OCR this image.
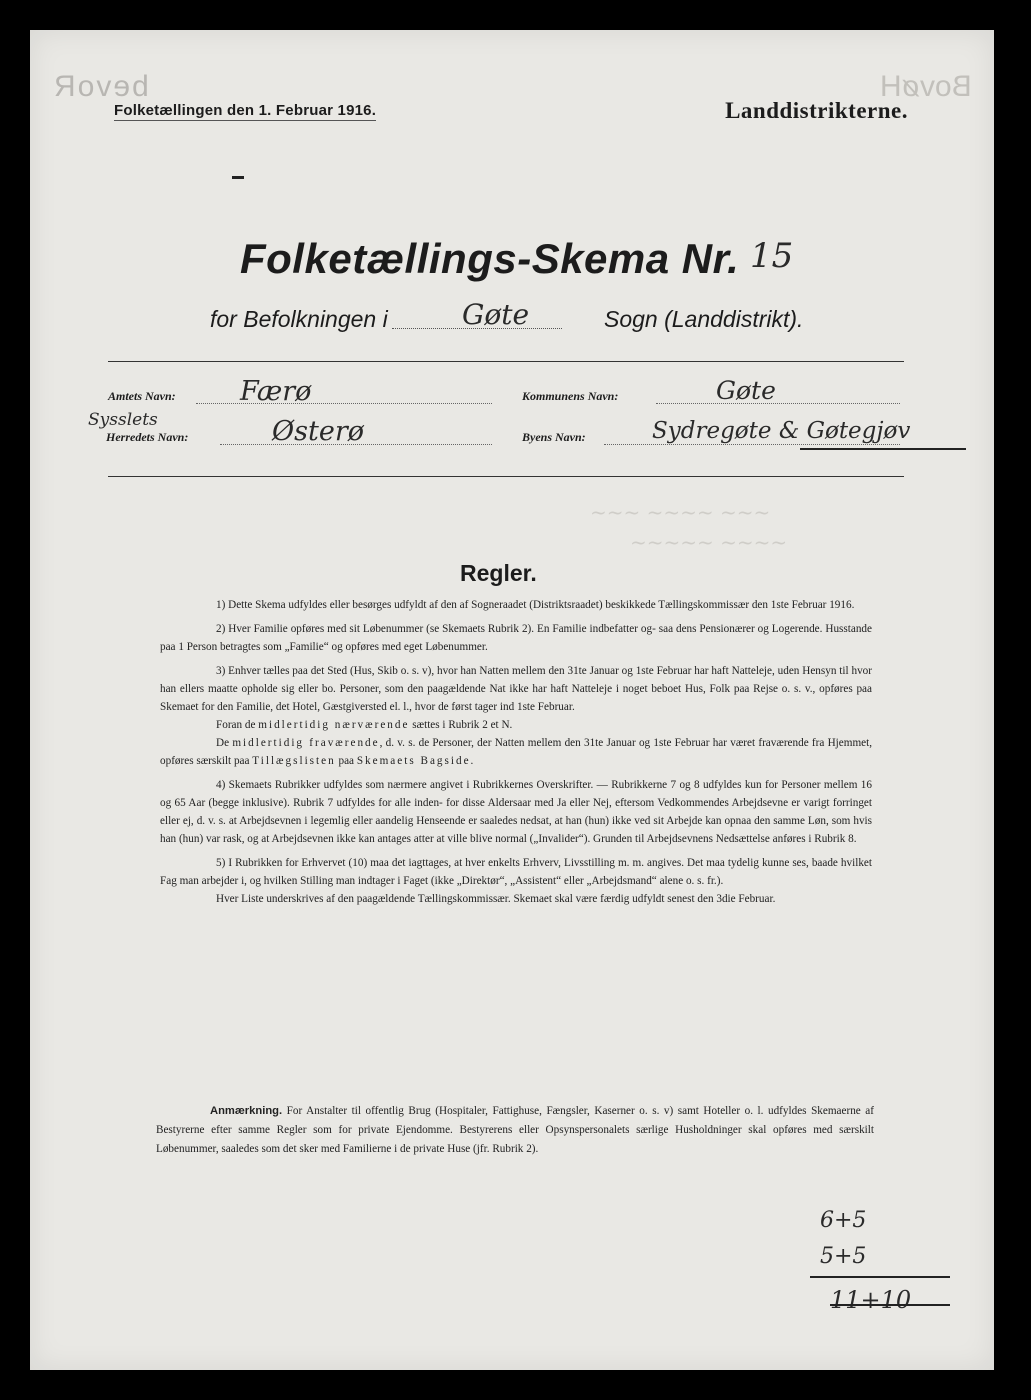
bevoR	BovøH
Folketællingen den 1. Februar 1916.	Landdistrikterne.
Folketællings-Skema Nr. 15
for Befolkningen i	Gøte	Sogn (Landdistrikt).
Amtets Navn: Færø
Sysslets
Herredets Navn:	Østerø
Kommunens Navn:	Gøte
Byens Navn:	Sydregøte & Gøtegjøv
~~~ ~~~~ ~~~
~~~~~ ~~~~
Regler.

1) Dette Skema udfyldes eller besørges udfyldt af den af Sogneraadet (Distriktsraadet) beskikkede Tællingskommissær den 1ste Februar 1916.

2) Hver Familie opføres med sit Løbenummer (se Skemaets Rubrik 2). En Familie indbefatter og- saa dens Pensionærer og Logerende. Husstande paa 1 Person betragtes som „Familie“ og opføres med eget Løbenummer.

3) Enhver tælles paa det Sted (Hus, Skib o. s. v), hvor han Natten mellem den 31te Januar og 1ste Februar har haft Natteleje, uden Hensyn til hvor han ellers maatte opholde sig eller bo. Personer, som den paagældende Nat ikke har haft Natteleje i noget beboet Hus, Folk paa Rejse o. s. v., opføres paa Skemaet for den Familie, det Hotel, Gæstgiversted el. l., hvor de først tager ind 1ste Februar.

Foran de midlertidig nærværende sættes i Rubrik 2 et N.

De midlertidig fraværende, d. v. s. de Personer, der Natten mellem den 31te Januar og 1ste Februar har været fraværende fra Hjemmet, opføres særskilt paa Tillægslisten paa Skemaets Bagside.

4) Skemaets Rubrikker udfyldes som nærmere angivet i Rubrikkernes Overskrifter. — Rubrikkerne 7 og 8 udfyldes kun for Personer mellem 16 og 65 Aar (begge inklusive). Rubrik 7 udfyldes for alle inden- for disse Aldersaar med Ja eller Nej, eftersom Vedkommendes Arbejdsevne er varigt forringet eller ej, d. v. s. at Arbejdsevnen i legemlig eller aandelig Henseende er saaledes nedsat, at han (hun) ikke ved sit Arbejde kan opnaa den samme Løn, som hvis han (hun) var rask, og at Arbejdsevnen ikke kan antages atter at ville blive normal („Invalider“). Grunden til Arbejdsevnens Nedsættelse anføres i Rubrik 8.

5) I Rubrikken for Erhvervet (10) maa det iagttages, at hver enkelts Erhverv, Livsstilling m. m. angives. Det maa tydelig kunne ses, baade hvilket Fag man arbejder i, og hvilken Stilling man indtager i Faget (ikke „Direktør“, „Assistent“ eller „Arbejdsmand“ alene o. s. fr.).

Hver Liste underskrives af den paagældende Tællingskommissær. Skemaet skal være færdig udfyldt senest den 3die Februar.

Anmærkning. For Anstalter til offentlig Brug (Hospitaler, Fattighuse, Fængsler, Kaserner o. s. v) samt Hoteller o. l. udfyldes Skemaerne af Bestyrerne efter samme Regler som for private Ejendomme. Bestyrerens eller Opsynspersonalets særlige Husholdninger skal opføres med særskilt Løbenummer, saaledes som det sker med Familierne i de private Huse (jfr. Rubrik 2).
6+5
5+5
11+10
